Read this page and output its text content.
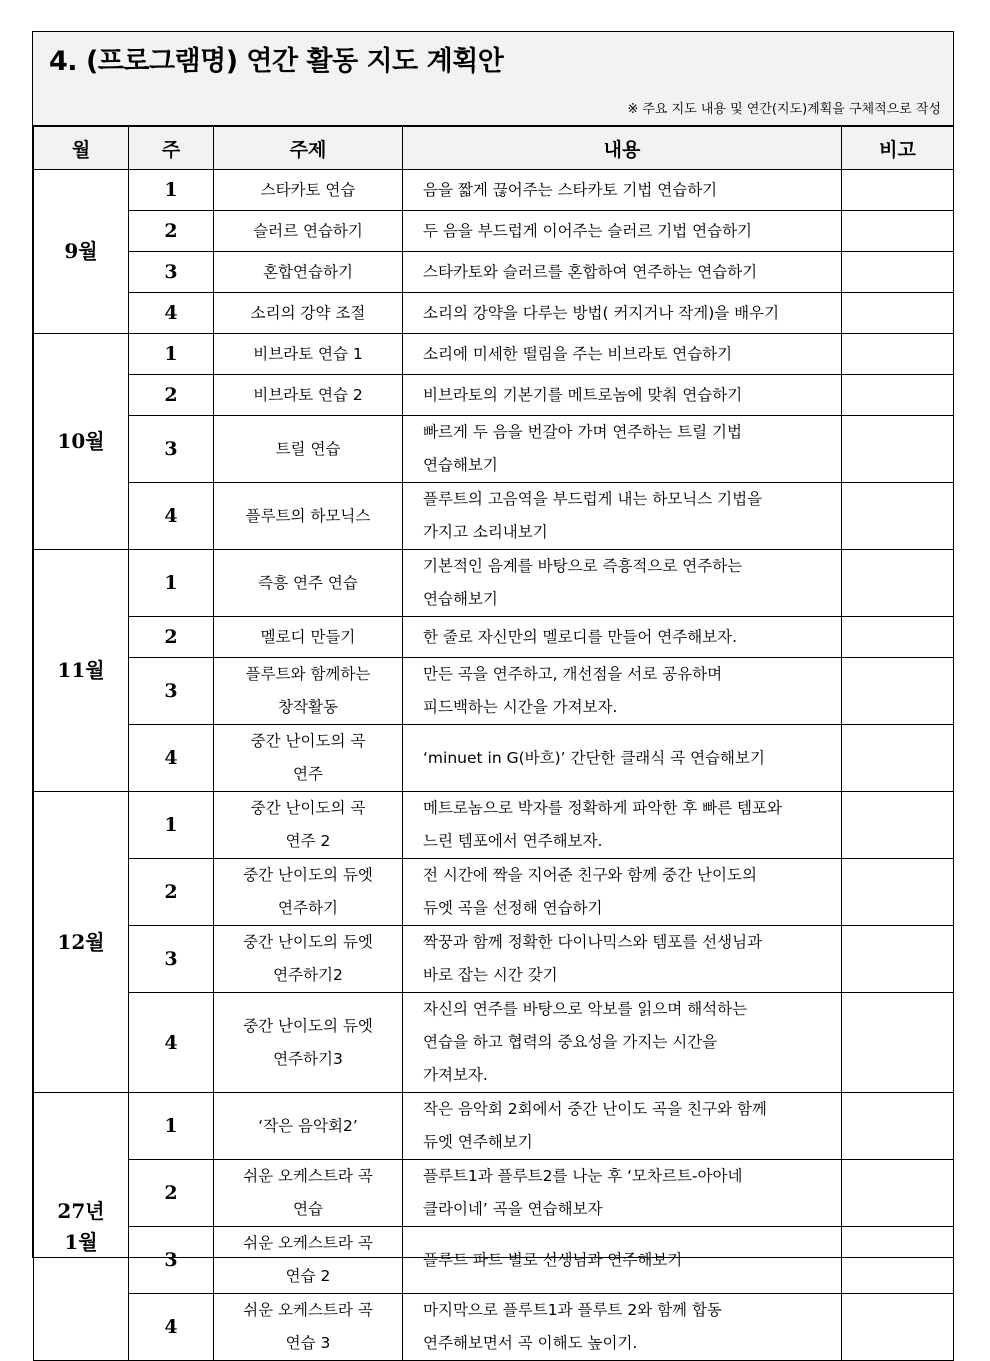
4. (프로그램명) 연간 활동 지도 계획안
※ 주요 지도 내용 및 연간(지도)계획을 구체적으로 작성
월	주	주제	내용	비고
9월	1	스타카토 연습	음을 짧게 끊어주는 스타카토 기법 연습하기	
	2	슬러르 연습하기	두 음을 부드럽게 이어주는 슬러르 기법 연습하기	
	3	혼합연습하기	스타카토와 슬러르를 혼합하여 연주하는 연습하기	
	4	소리의 강약 조절	소리의 강약을 다루는 방법( 커지거나 작게)을 배우기	
10월	1	비브라토 연습 1	소리에 미세한 떨림을 주는 비브라토 연습하기	
	2	비브라토 연습 2	비브라토의 기본기를 메트로놈에 맞춰 연습하기	
	3	트릴 연습	빠르게 두 음을 번갈아 가며 연주하는 트릴 기법
연습해보기	
	4	플루트의 하모닉스	플루트의 고음역을 부드럽게 내는 하모닉스 기법을
가지고 소리내보기	
11월	1	즉흥 연주 연습	기본적인 음계를 바탕으로 즉흥적으로 연주하는
연습해보기	
	2	멜로디 만들기	한 줄로 자신만의 멜로디를 만들어 연주해보자.	
	3	플루트와 함께하는
창작활동	만든 곡을 연주하고, 개선점을 서로 공유하며
피드백하는 시간을 가져보자.	
	4	중간 난이도의 곡
연주	‘minuet in G(바흐)’ 간단한 클래식 곡 연습해보기	
12월	1	중간 난이도의 곡
연주 2	메트로놈으로 박자를 정확하게 파악한 후 빠른 템포와
느린 템포에서 연주해보자.	
	2	중간 난이도의 듀엣
연주하기	전 시간에 짝을 지어준 친구와 함께 중간 난이도의
듀엣 곡을 선정해 연습하기	
	3	중간 난이도의 듀엣
연주하기2	짝꿍과 함께 정확한 다이나믹스와 템포를 선생님과
바로 잡는 시간 갖기	
	4	중간 난이도의 듀엣
연주하기3	자신의 연주를 바탕으로 악보를 읽으며 해석하는
연습을 하고 협력의 중요성을 가지는 시간을
가져보자.	
27년
1월	1	‘작은 음악회2’	작은 음악회 2회에서 중간 난이도 곡을 친구와 함께
듀엣 연주해보기	
	2	쉬운 오케스트라 곡
연습	플루트1과 플루트2를 나눈 후 ‘모차르트-아아네
클라이네’ 곡을 연습해보자	
	3	쉬운 오케스트라 곡
연습 2	플루트 파트 별로 선생님과 연주해보기	
	4	쉬운 오케스트라 곡
연습 3	마지막으로 플루트1과 플루트 2와 함께 합동
연주해보면서 곡 이해도 높이기.	
